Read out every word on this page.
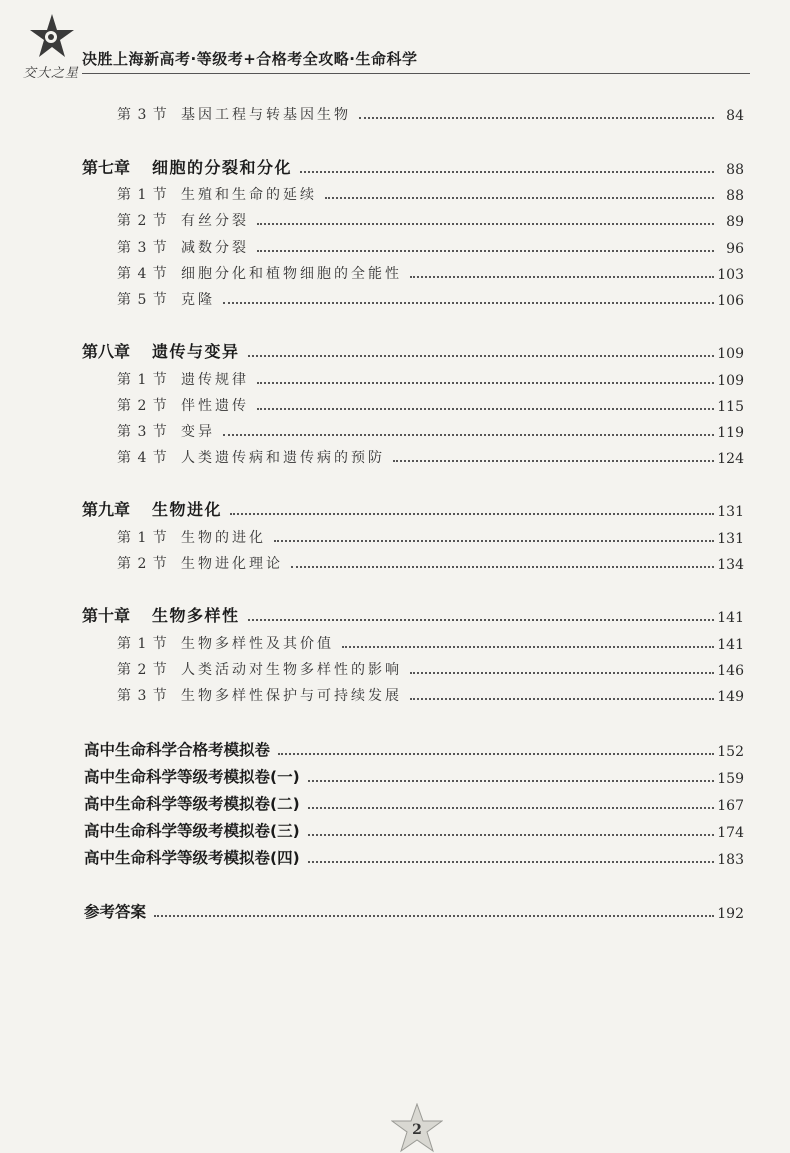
交大之星
决胜上海新高考·等级考+合格考全攻略·生命科学
第 3 节 基因工程与转基因生物	84
第七章	细胞的分裂和分化	88
第 1 节 生殖和生命的延续	88
第 2 节 有丝分裂	89
第 3 节 减数分裂	96
第 4 节 细胞分化和植物细胞的全能性	103
第 5 节 克隆	106
第八章	遗传与变异	109
第 1 节 遗传规律	109
第 2 节 伴性遗传	115
第 3 节 变异	119
第 4 节 人类遗传病和遗传病的预防	124
第九章	生物进化	131
第 1 节 生物的进化	131
第 2 节 生物进化理论	134
第十章	生物多样性	141
第 1 节 生物多样性及其价值	141
第 2 节 人类活动对生物多样性的影响	146
第 3 节 生物多样性保护与可持续发展	149
高中生命科学合格考模拟卷	152
高中生命科学等级考模拟卷(一)	159
高中生命科学等级考模拟卷(二)	167
高中生命科学等级考模拟卷(三)	174
高中生命科学等级考模拟卷(四)	183
参考答案	192
2
